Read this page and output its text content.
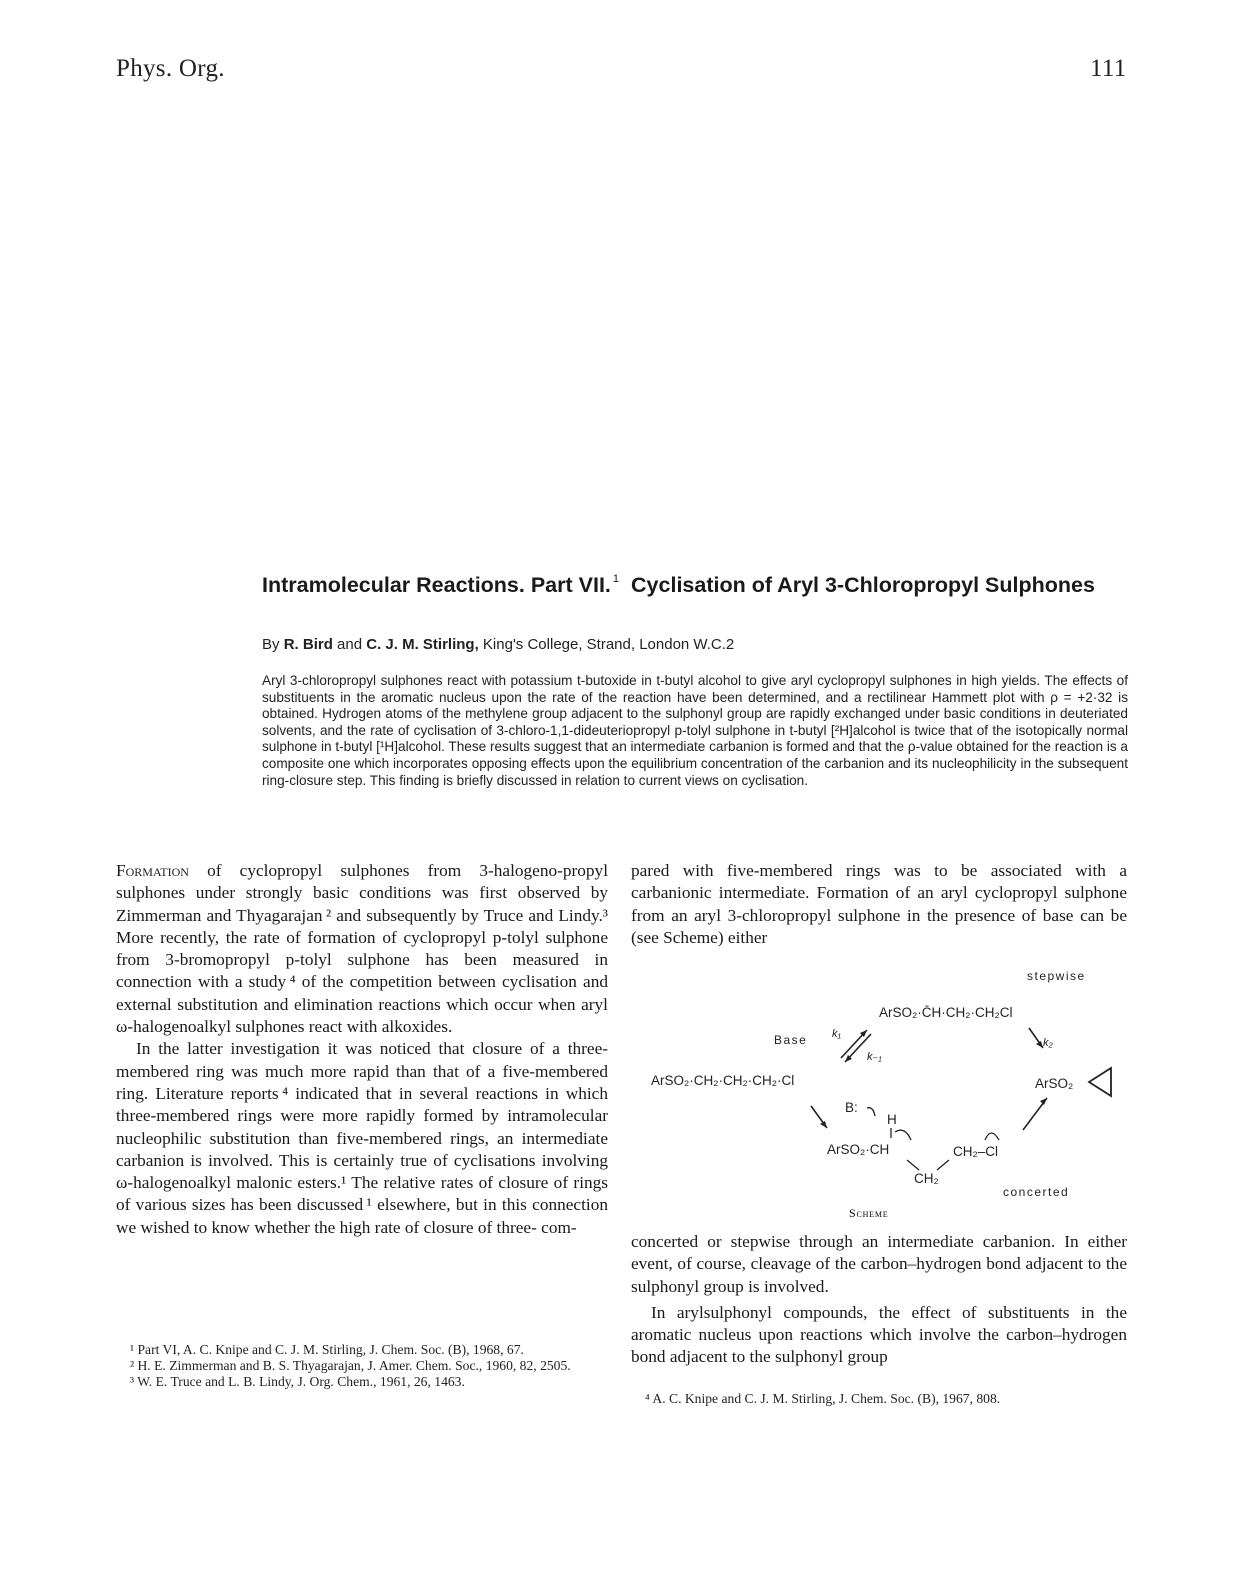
Phys. Org.	111
Intramolecular Reactions. Part VII. $^1$ Cyclisation of Aryl 3-Chloropropyl Sulphones
By R. Bird and C. J. M. Stirling, King's College, Strand, London W.C.2
Aryl 3-chloropropyl sulphones react with potassium t-butoxide in t-butyl alcohol to give aryl cyclopropyl sulphones in high yields. The effects of substituents in the aromatic nucleus upon the rate of the reaction have been determined, and a rectilinear Hammett plot with ρ = +2·32 is obtained. Hydrogen atoms of the methylene group adjacent to the sulphonyl group are rapidly exchanged under basic conditions in deuteriated solvents, and the rate of cyclisation of 3-chloro-1,1-dideuteriopropyl p-tolyl sulphone in t-butyl [²H]alcohol is twice that of the isotopically normal sulphone in t-butyl [¹H]alcohol. These results suggest that an intermediate carbanion is formed and that the ρ-value obtained for the reaction is a composite one which incorporates opposing effects upon the equilibrium concentration of the carbanion and its nucleophilicity in the subsequent ring-closure step. This finding is briefly discussed in relation to current views on cyclisation.

Formation of cyclopropyl sulphones from 3-halogeno-propyl sulphones under strongly basic conditions was first observed by Zimmerman and Thyagarajan ² and subsequently by Truce and Lindy.³ More recently, the rate of formation of cyclopropyl p-tolyl sulphone from 3-bromopropyl p-tolyl sulphone has been measured in connection with a study ⁴ of the competition between cyclisation and external substitution and elimination reactions which occur when aryl ω-halogenoalkyl sulphones react with alkoxides.

In the latter investigation it was noticed that closure of a three-membered ring was much more rapid than that of a five-membered ring. Literature reports ⁴ indicated that in several reactions in which three-membered rings were more rapidly formed by intramolecular nucleophilic substitution than five-membered rings, an intermediate carbanion is involved. This is certainly true of cyclisations involving ω-halogenoalkyl malonic esters.¹ The relative rates of closure of rings of various sizes has been discussed ¹ elsewhere, but in this connection we wished to know whether the high rate of closure of three- com-

¹ Part VI, A. C. Knipe and C. J. M. Stirling, J. Chem. Soc. (B), 1968, 67.

² H. E. Zimmerman and B. S. Thyagarajan, J. Amer. Chem. Soc., 1960, 82, 2505.

³ W. E. Truce and L. B. Lindy, J. Org. Chem., 1961, 26, 1463.

pared with five-membered rings was to be associated with a carbanionic intermediate. Formation of an aryl cyclopropyl sulphone from an aryl 3-chloropropyl sulphone in the presence of base can be (see Scheme) either

stepwise
ArSO₂·C̄H·CH₂·CH₂Cl
Base k₁
k₋₁
k₂
ArSO₂·CH₂·CH₂·CH₂·Cl	ArSO₂
B:
H
ArSO₂·CH	CH₂–Cl
CH₂
concerted
Scheme

concerted or stepwise through an intermediate carbanion. In either event, of course, cleavage of the carbon–hydrogen bond adjacent to the sulphonyl group is involved.

In arylsulphonyl compounds, the effect of substituents in the aromatic nucleus upon reactions which involve the carbon–hydrogen bond adjacent to the sulphonyl group

⁴ A. C. Knipe and C. J. M. Stirling, J. Chem. Soc. (B), 1967, 808.
